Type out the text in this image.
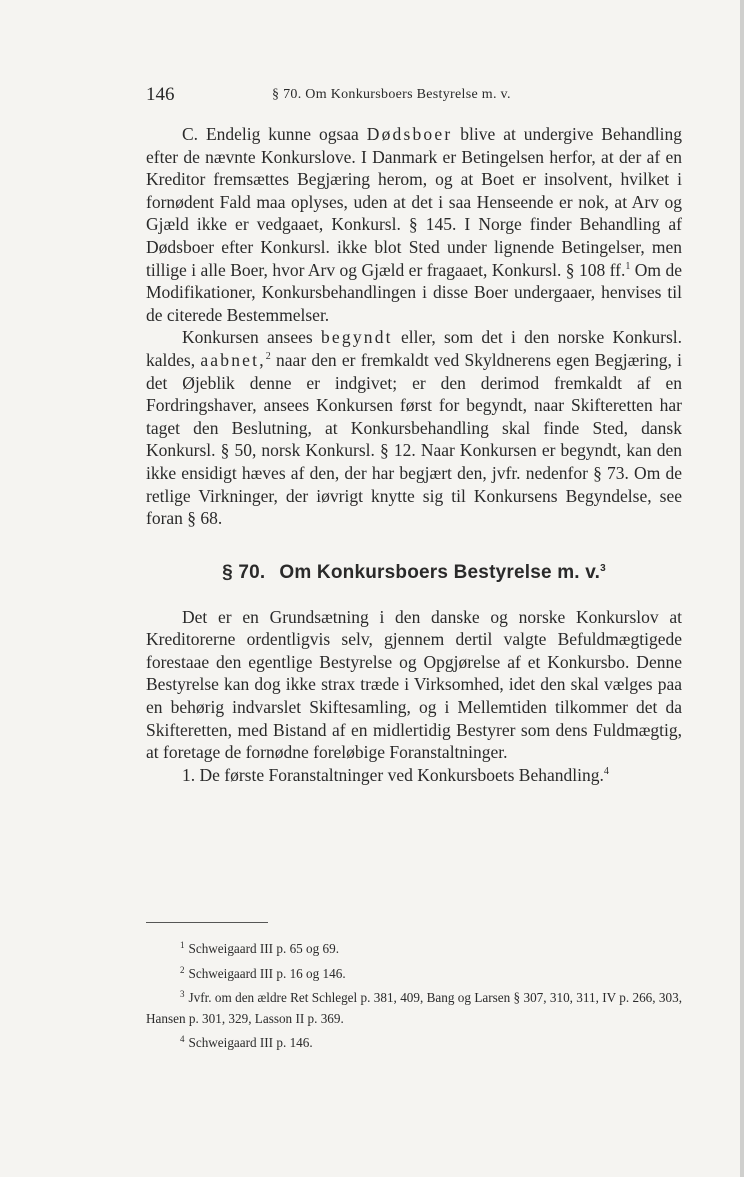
146	§ 70. Om Konkursboers Bestyrelse m. v.

C. Endelig kunne ogsaa Dødsboer blive at undergive Behandling efter de nævnte Konkurslove. I Danmark er Betingelsen herfor, at der af en Kreditor fremsættes Begjæring herom, og at Boet er insolvent, hvilket i fornødent Fald maa oplyses, uden at det i saa Henseende er nok, at Arv og Gjæld ikke er vedgaaet, Konkursl. § 145. I Norge finder Behandling af Dødsboer efter Konkursl. ikke blot Sted under lignende Betingelser, men tillige i alle Boer, hvor Arv og Gjæld er fragaaet, Konkursl. § 108 ff.$^1$ Om de Modifikationer, Konkursbehandlingen i disse Boer undergaaer, henvises til de citerede Bestemmelser.

Konkursen ansees begyndt eller, som det i den norske Konkursl. kaldes, aabnet,$^2$ naar den er fremkaldt ved Skyldnerens egen Begjæring, i det Øjeblik denne er indgivet; er den derimod fremkaldt af en Fordringshaver, ansees Konkursen først for begyndt, naar Skifteretten har taget den Beslutning, at Konkursbehandling skal finde Sted, dansk Konkursl. § 50, norsk Konkursl. § 12. Naar Konkursen er begyndt, kan den ikke ensidigt hæves af den, der har begjært den, jvfr. nedenfor § 73. Om de retlige Virkninger, der iøvrigt knytte sig til Konkursens Begyndelse, see foran § 68.

§ 70. Om Konkursboers Bestyrelse m. v.$^3$

Det er en Grundsætning i den danske og norske Konkurslov at Kreditorerne ordentligvis selv, gjennem dertil valgte Befuldmægtigede forestaae den egentlige Bestyrelse og Opgjørelse af et Konkursbo. Denne Bestyrelse kan dog ikke strax træde i Virksomhed, idet den skal vælges paa en behørig indvarslet Skiftesamling, og i Mellemtiden tilkommer det da Skifteretten, med Bistand af en midlertidig Bestyrer som dens Fuldmægtig, at foretage de fornødne foreløbige Foranstaltninger.

1. De første Foranstaltninger ved Konkursboets Behandling.$^4$

$^1$ Schweigaard III p. 65 og 69.
$^2$ Schweigaard III p. 16 og 146.
$^3$ Jvfr. om den ældre Ret Schlegel p. 381, 409, Bang og Larsen § 307, 310, 311, IV p. 266, 303, Hansen p. 301, 329, Lasson II p. 369.
$^4$ Schweigaard III p. 146.
